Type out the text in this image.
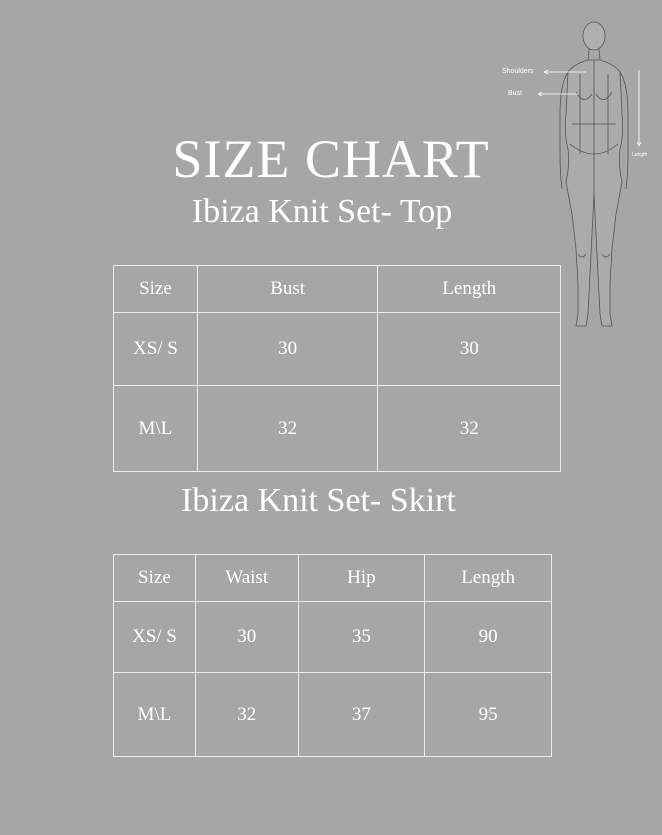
SIZE CHART
Ibiza Knit Set- Top
Size	Bust	Length
XS/ S	30	30
M\L	32	32
Ibiza Knit Set- Skirt
Size	Waist	Hip	Length
XS/ S	30	35	90
M\L	32	37	95
Shoulders
Bust
Length
